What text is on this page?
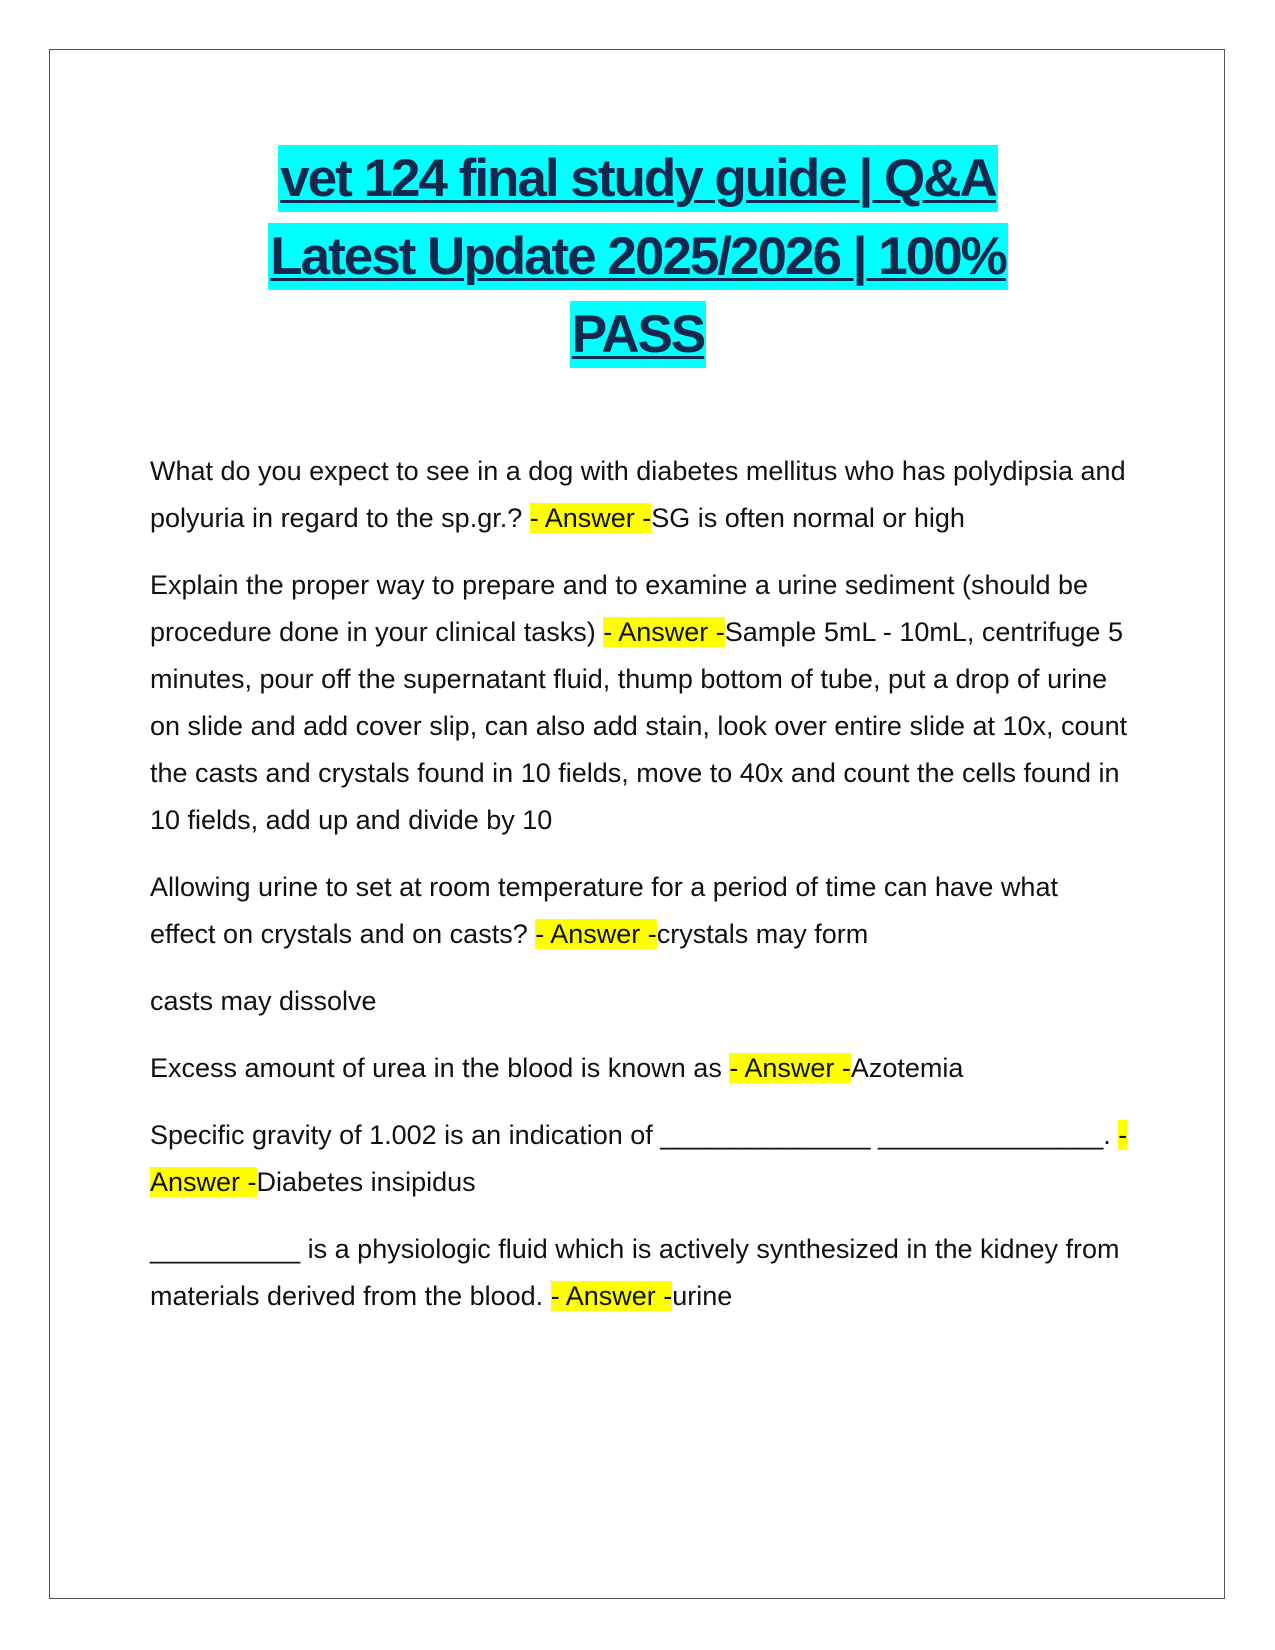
vet 124 final study guide | Q&A
Latest Update 2025/2026 | 100%
PASS

What do you expect to see in a dog with diabetes mellitus who has polydipsia and polyuria in regard to the sp.gr.? - Answer -SG is often normal or high

Explain the proper way to prepare and to examine a urine sediment (should be procedure done in your clinical tasks) - Answer -Sample 5mL - 10mL, centrifuge 5 minutes, pour off the supernatant fluid, thump bottom of tube, put a drop of urine on slide and add cover slip, can also add stain, look over entire slide at 10x, count the casts and crystals found in 10 fields, move to 40x and count the cells found in 10 fields, add up and divide by 10

Allowing urine to set at room temperature for a period of time can have what effect on crystals and on casts? - Answer -crystals may form

casts may dissolve

Excess amount of urea in the blood is known as - Answer -Azotemia

Specific gravity of 1.002 is an indication of ______________ _______________. - Answer -Diabetes insipidus

__________ is a physiologic fluid which is actively synthesized in the kidney from materials derived from the blood. - Answer -urine
